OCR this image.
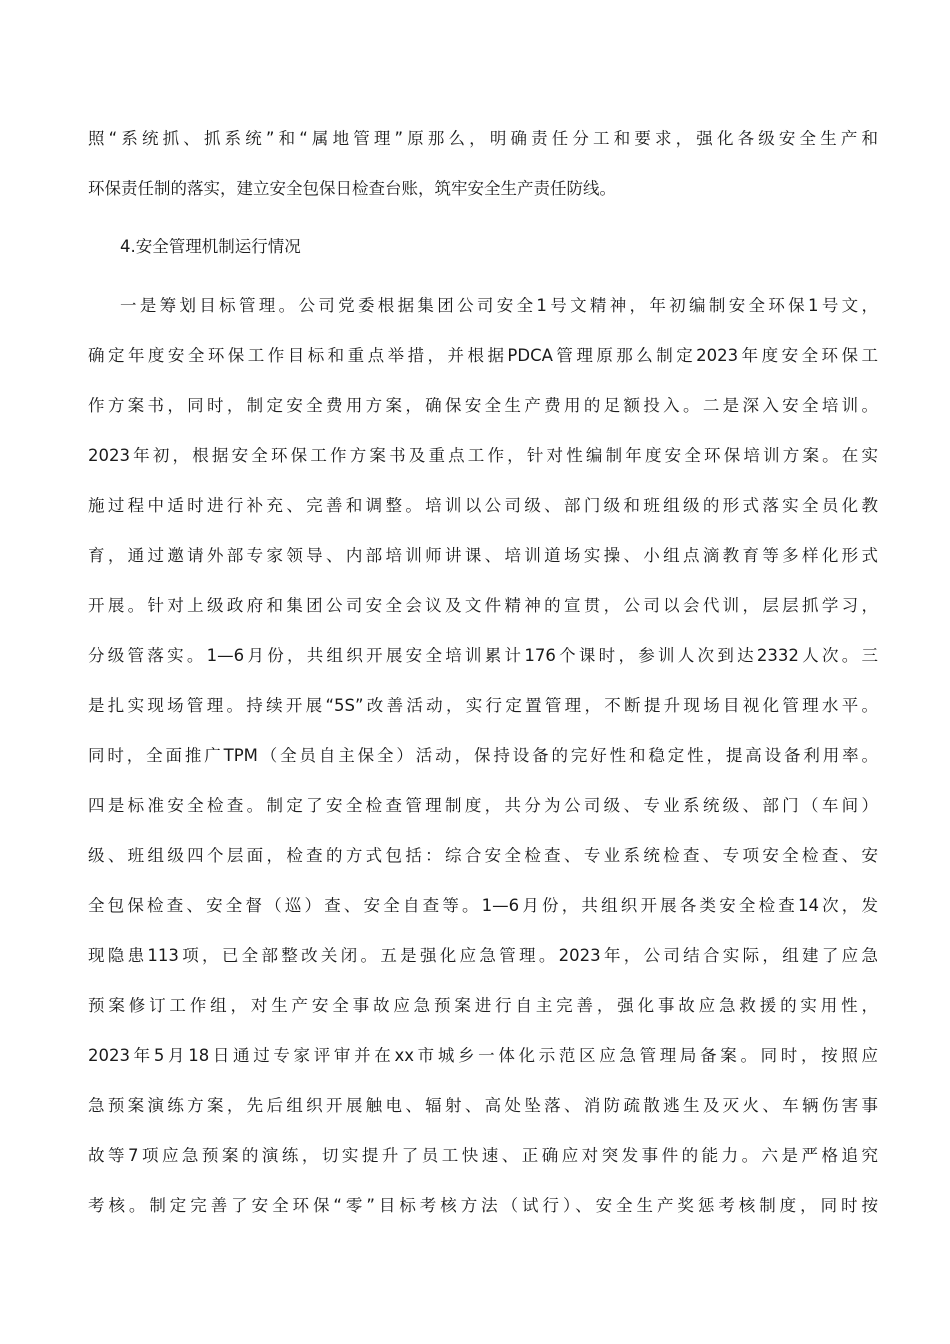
照“系统抓、抓系统”和“属地管理”原那么，明确责任分工和要求，强化各级安全生产和
环保责任制的落实，建立安全包保日检查台账，筑牢安全生产责任防线。
4.安全管理机制运行情况
一是筹划目标管理。公司党委根据集团公司安全1号文精神，年初编制安全环保1号文，
确定年度安全环保工作目标和重点举措，并根据PDCA管理原那么制定2023年度安全环保工
作方案书，同时，制定安全费用方案，确保安全生产费用的足额投入。二是深入安全培训。
2023年初，根据安全环保工作方案书及重点工作，针对性编制年度安全环保培训方案。在实
施过程中适时进行补充、完善和调整。培训以公司级、部门级和班组级的形式落实全员化教
育，通过邀请外部专家领导、内部培训师讲课、培训道场实操、小组点滴教育等多样化形式
开展。针对上级政府和集团公司安全会议及文件精神的宣贯，公司以会代训，层层抓学习，
分级管落实。1—6月份，共组织开展安全培训累计176个课时，参训人次到达2332人次。三
是扎实现场管理。持续开展“5S”改善活动，实行定置管理，不断提升现场目视化管理水平。
同时，全面推广TPM（全员自主保全）活动，保持设备的完好性和稳定性，提高设备利用率。
四是标准安全检查。制定了安全检查管理制度，共分为公司级、专业系统级、部门（车间）
级、班组级四个层面，检查的方式包括：综合安全检查、专业系统检查、专项安全检查、安
全包保检查、安全督（巡）查、安全自查等。1—6月份，共组织开展各类安全检查14次，发
现隐患113项，已全部整改关闭。五是强化应急管理。2023年，公司结合实际，组建了应急
预案修订工作组，对生产安全事故应急预案进行自主完善，强化事故应急救援的实用性，
2023年5月18日通过专家评审并在xx市城乡一体化示范区应急管理局备案。同时，按照应
急预案演练方案，先后组织开展触电、辐射、高处坠落、消防疏散逃生及灭火、车辆伤害事
故等7项应急预案的演练，切实提升了员工快速、正确应对突发事件的能力。六是严格追究
考核。制定完善了安全环保“零”目标考核方法（试行）、安全生产奖惩考核制度，同时按
